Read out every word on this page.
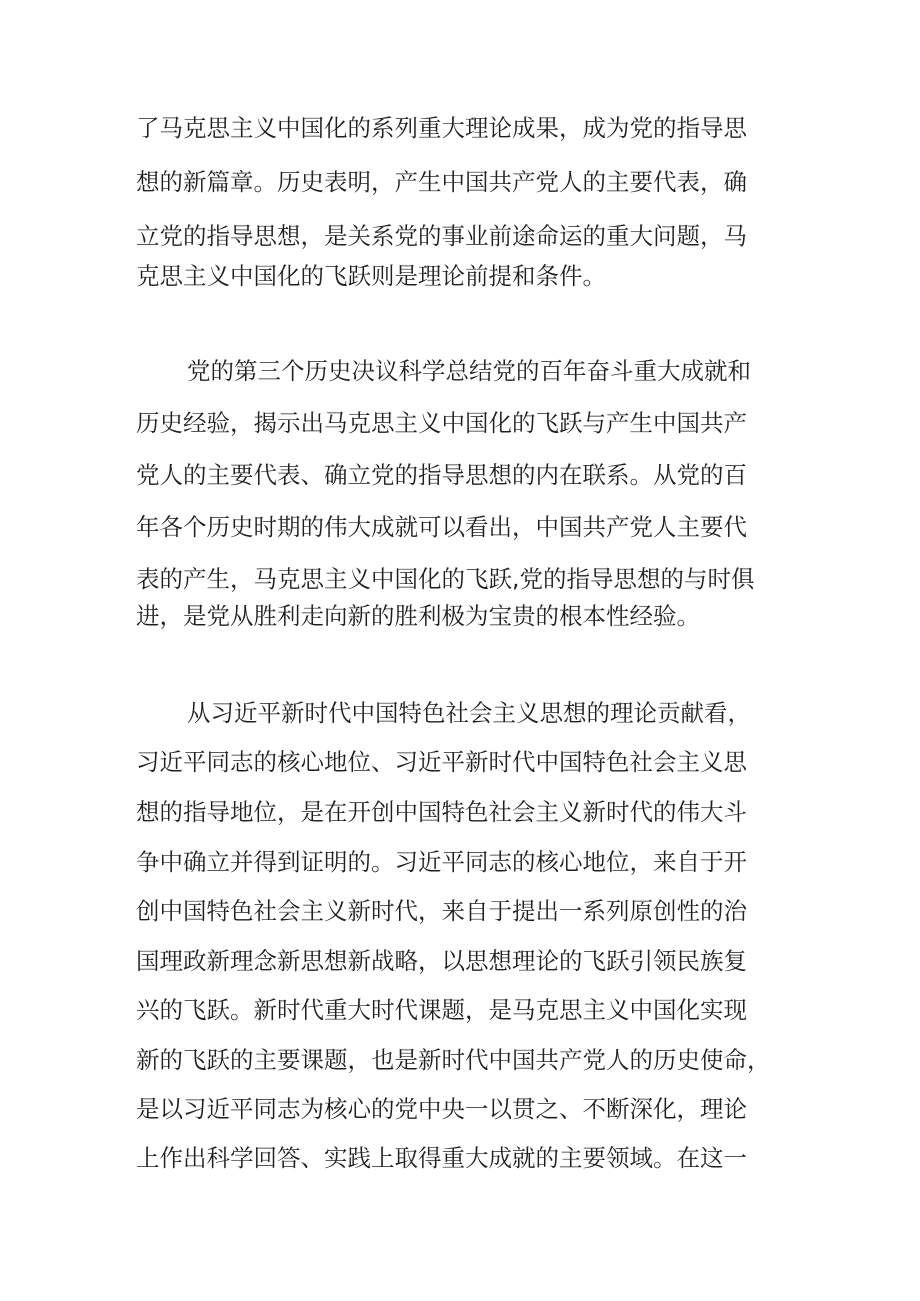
了马克思主义中国化的系列重大理论成果，成为党的指导思
想的新篇章。历史表明，产生中国共产党人的主要代表，确
立党的指导思想，是关系党的事业前途命运的重大问题，马
克思主义中国化的飞跃则是理论前提和条件。
党的第三个历史决议科学总结党的百年奋斗重大成就和
历史经验，揭示出马克思主义中国化的飞跃与产生中国共产
党人的主要代表、确立党的指导思想的内在联系。从党的百
年各个历史时期的伟大成就可以看出，中国共产党人主要代
表的产生，马克思主义中国化的飞跃,党的指导思想的与时俱
进，是党从胜利走向新的胜利极为宝贵的根本性经验。
从习近平新时代中国特色社会主义思想的理论贡献看，
习近平同志的核心地位、习近平新时代中国特色社会主义思
想的指导地位，是在开创中国特色社会主义新时代的伟大斗
争中确立并得到证明的。习近平同志的核心地位，来自于开
创中国特色社会主义新时代，来自于提出一系列原创性的治
国理政新理念新思想新战略，以思想理论的飞跃引领民族复
兴的飞跃。新时代重大时代课题，是马克思主义中国化实现
新的飞跃的主要课题，也是新时代中国共产党人的历史使命，
是以习近平同志为核心的党中央一以贯之、不断深化，理论
上作出科学回答、实践上取得重大成就的主要领域。在这一
